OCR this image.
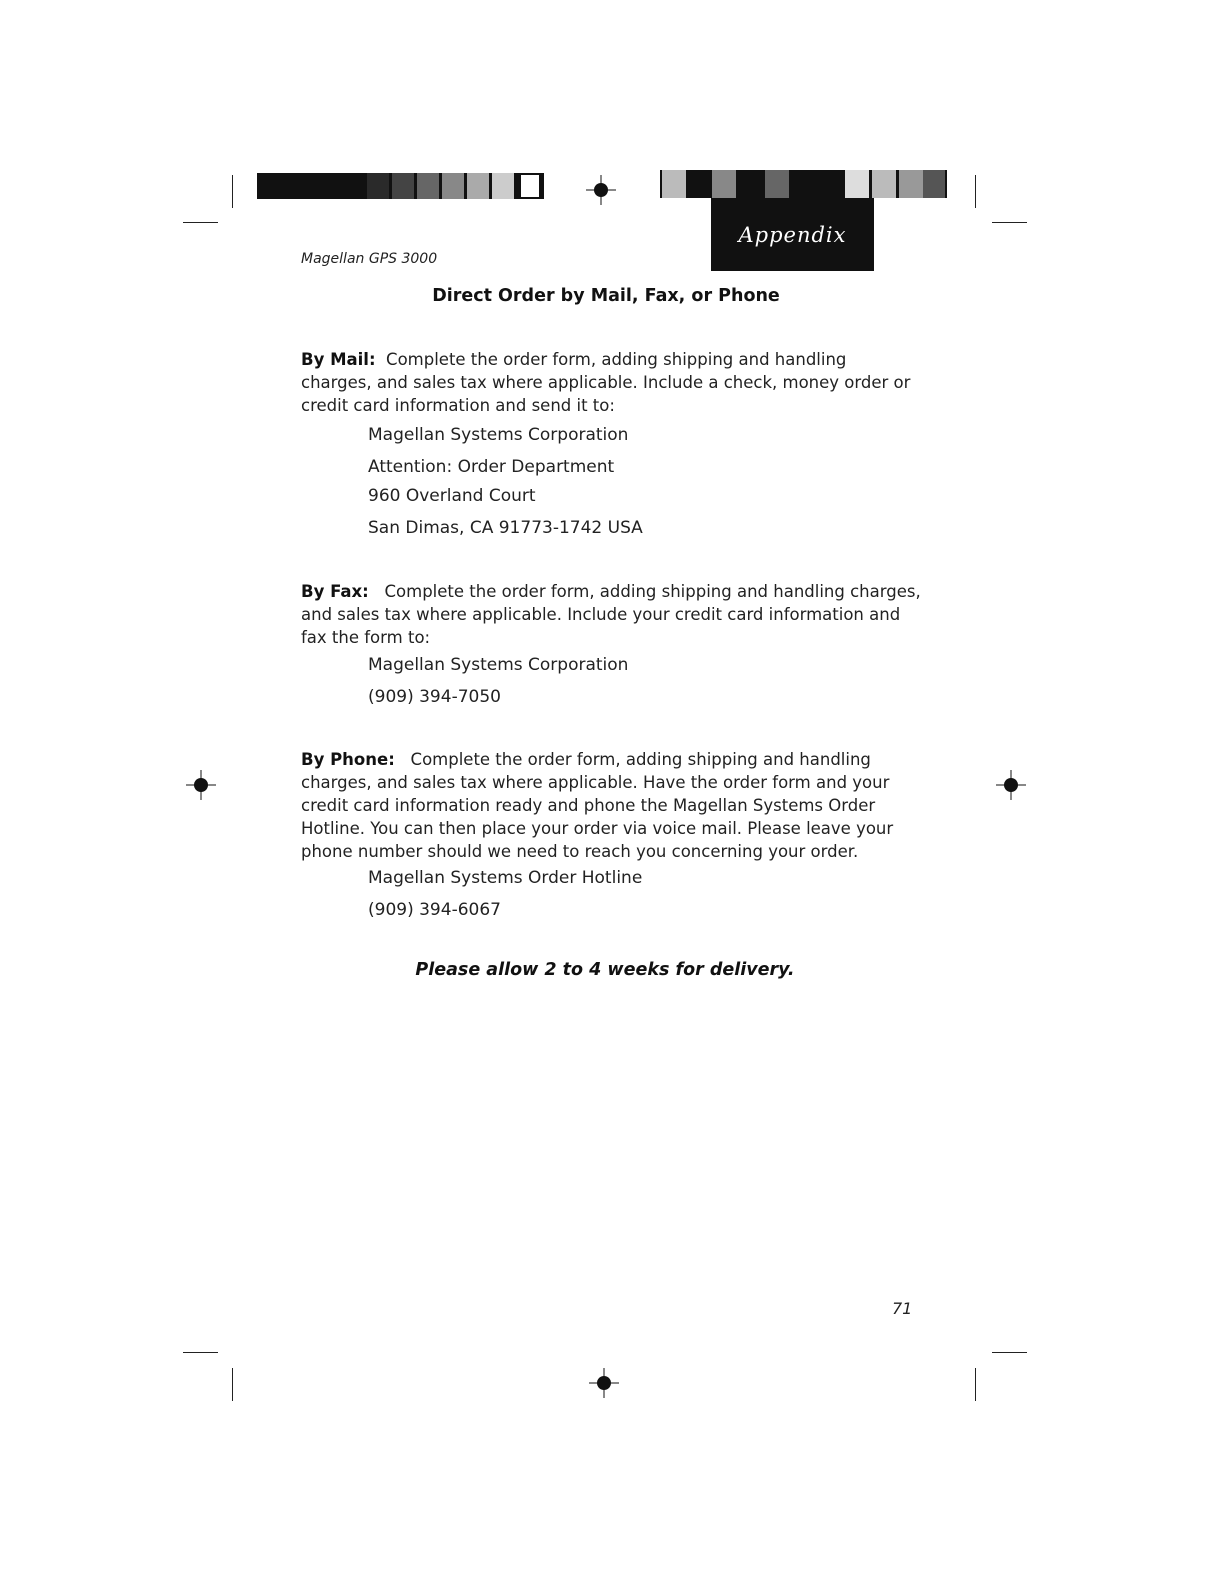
Appendix
Magellan GPS 3000
Direct Order by Mail, Fax, or Phone
By Mail: Complete the order form, adding shipping and handling charges, and sales tax where applicable. Include a check, money order or credit card information and send it to:
Magellan Systems Corporation
Attention: Order Department
960 Overland Court
San Dimas, CA 91773-1742 USA
By Fax: Complete the order form, adding shipping and handling charges, and sales tax where applicable. Include your credit card information and fax the form to:
Magellan Systems Corporation
(909) 394-7050
By Phone: Complete the order form, adding shipping and handling charges, and sales tax where applicable. Have the order form and your credit card information ready and phone the Magellan Systems Order Hotline. You can then place your order via voice mail. Please leave your phone number should we need to reach you concerning your order.
Magellan Systems Order Hotline
(909) 394-6067
Please allow 2 to 4 weeks for delivery.
71
